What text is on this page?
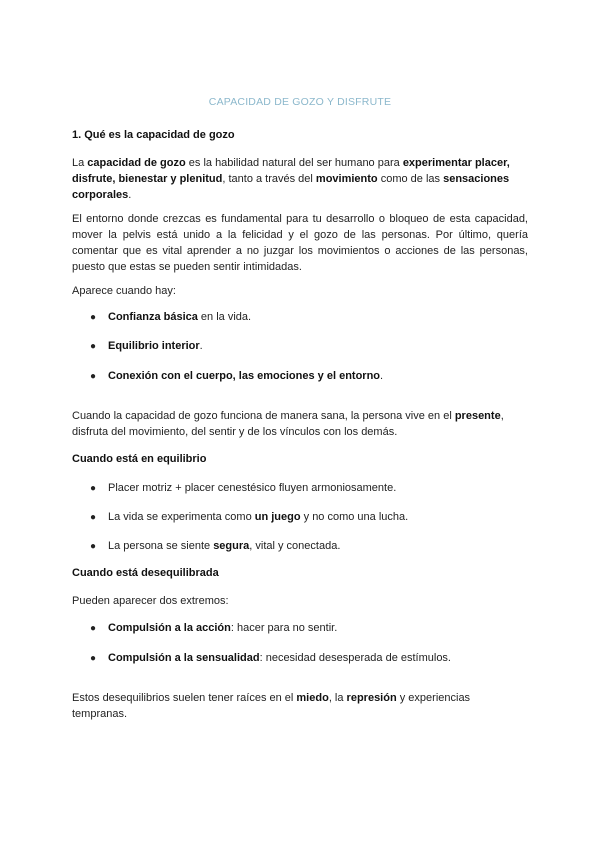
CAPACIDAD DE GOZO Y DISFRUTE
1. Qué es la capacidad de gozo
La capacidad de gozo es la habilidad natural del ser humano para experimentar placer, disfrute, bienestar y plenitud, tanto a través del movimiento como de las sensaciones corporales.
El entorno donde crezcas es fundamental para tu desarrollo o bloqueo de esta capacidad, mover la pelvis está unido a la felicidad y el gozo de las personas. Por último, quería comentar que es vital aprender a no juzgar los movimientos o acciones de las personas, puesto que estas se pueden sentir intimidadas.
Aparece cuando hay:
● Confianza básica en la vida.
● Equilibrio interior.
● Conexión con el cuerpo, las emociones y el entorno.
Cuando la capacidad de gozo funciona de manera sana, la persona vive en el presente, disfruta del movimiento, del sentir y de los vínculos con los demás.
Cuando está en equilibrio
● Placer motriz + placer cenestésico fluyen armoniosamente.
● La vida se experimenta como un juego y no como una lucha.
● La persona se siente segura, vital y conectada.
Cuando está desequilibrada
Pueden aparecer dos extremos:
● Compulsión a la acción: hacer para no sentir.
● Compulsión a la sensualidad: necesidad desesperada de estímulos.
Estos desequilibrios suelen tener raíces en el miedo, la represión y experiencias tempranas.
